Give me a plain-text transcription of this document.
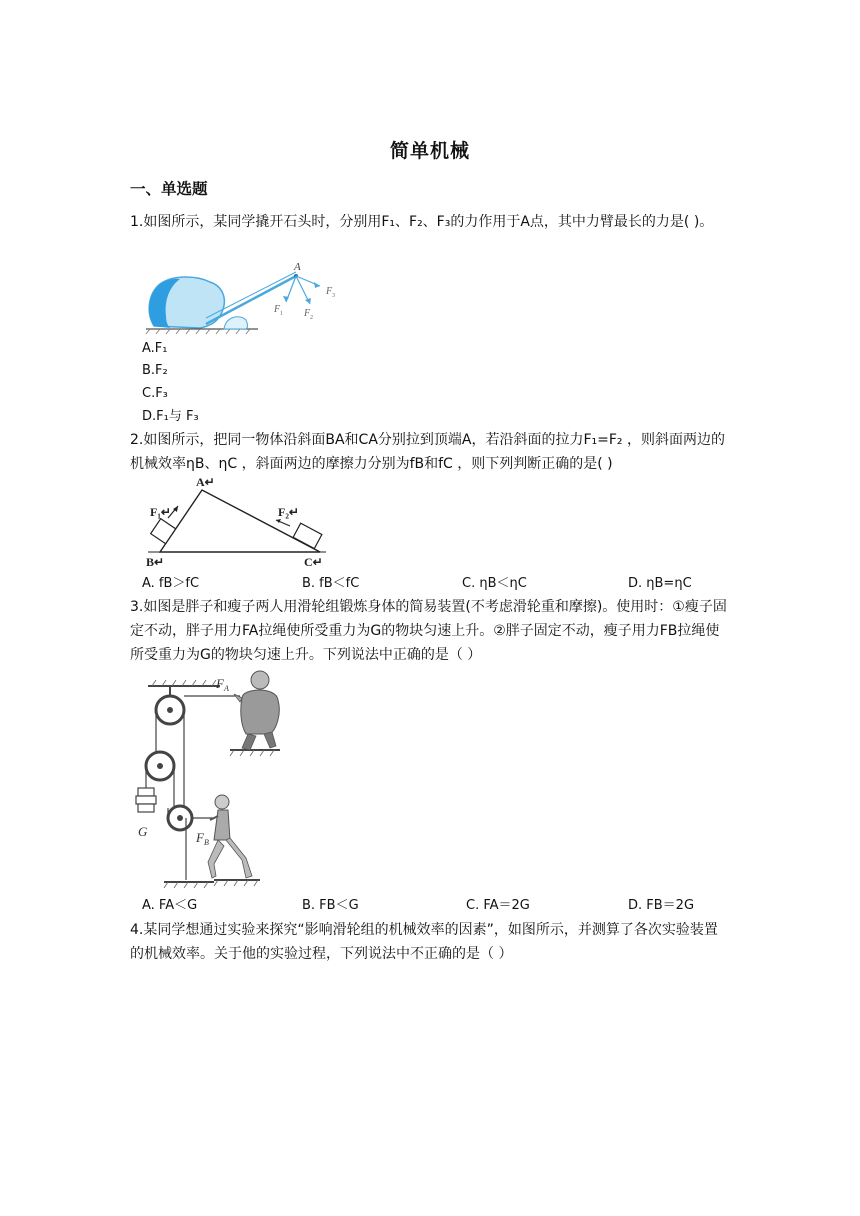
简单机械
一、单选题
1.如图所示，某同学撬开石头时，分别用F₁、F₂、F₃的力作用于A点，其中力臂最长的力是( )。
A
F 1 F 2
F 3
A.F₁
B.F₂
C.F₃
D.F₁与 F₃
2.如图所示，把同一物体沿斜面BA和CA分别拉到顶端A，若沿斜面的拉力F₁=F₂ ，则斜面两边的机械效率ηB、ηC ，斜面两边的摩擦力分别为fB和fC ，则下列判断正确的是( )
A↵
B↵	C↵
F₁↵	F₂↵
A. fB＞fC	B. fB＜fC	C. ηB＜ηC	D. ηB=ηC
3.如图是胖子和瘦子两人用滑轮组锻炼身体的简易装置(不考虑滑轮重和摩擦)。使用时：①瘦子固定不动，胖子用力FA拉绳使所受重力为G的物块匀速上升。②胖子固定不动，瘦子用力FB拉绳使所受重力为G的物块匀速上升。下列说法中正确的是（ ）
F A
F B
G
A. FA＜G	B. FB＜G	C. FA＝2G	D. FB＝2G
4.某同学想通过实验来探究“影响滑轮组的机械效率的因素”，如图所示，并测算了各次实验装置的机械效率。关于他的实验过程，下列说法中不正确的是（ ）
